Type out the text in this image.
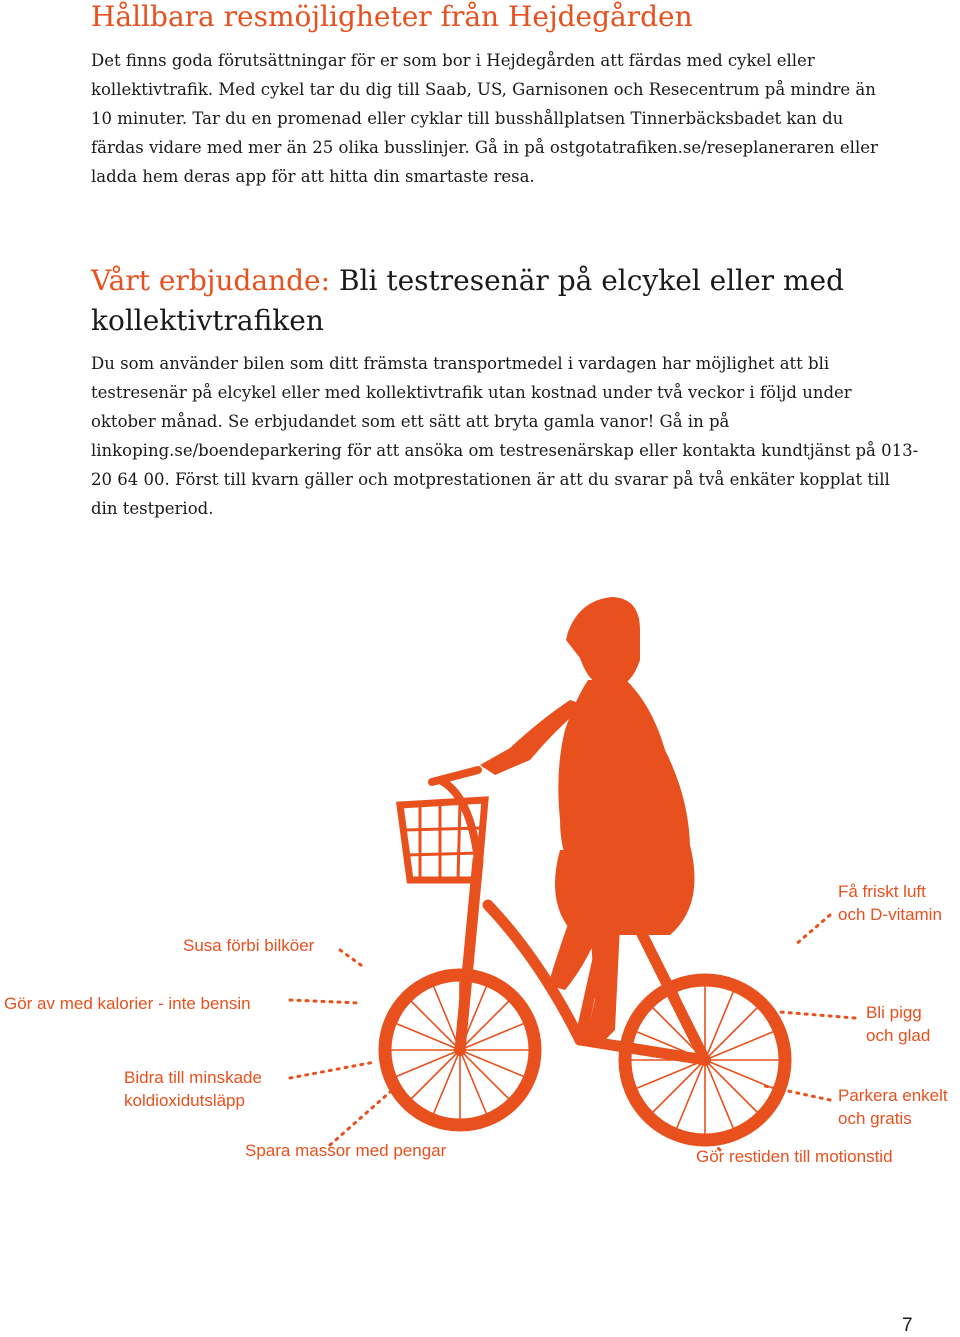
Hållbara resmöjligheter från Hejdegården

Det finns goda förutsättningar för er som bor i Hejdegården att färdas med cykel eller kollektivtrafik. Med cykel tar du dig till Saab, US, Garnisonen och Resecentrum på mindre än 10 minuter. Tar du en promenad eller cyklar till busshållplatsen Tinnerbäcksbadet kan du färdas vidare med mer än 25 olika busslinjer. Gå in på ostgotatrafiken.se/reseplaneraren eller ladda hem deras app för att hitta din smartaste resa.

Vårt erbjudande: Bli testresenär på elcykel eller med kollektivtrafiken

Du som använder bilen som ditt främsta transportmedel i vardagen har möjlighet att bli testresenär på elcykel eller med kollektivtrafik utan kostnad under två veckor i följd under oktober månad. Se erbjudandet som ett sätt att bryta gamla vanor! Gå in på linkoping.se/boendeparkering för att ansöka om testresenärskap eller kontakta kundtjänst på 013-20 64 00. Först till kvarn gäller och motprestationen är att du svarar på två enkäter kopplat till din testperiod.

Susa förbi bilköer
Gör av med kalorier - inte bensin
Bidra till minskade
koldioxidutsläpp
Spara massor med pengar
Få friskt luft
och D-vitamin
Bli pigg
och glad
Parkera enkelt
och gratis
Gör restiden till motionstid
7
